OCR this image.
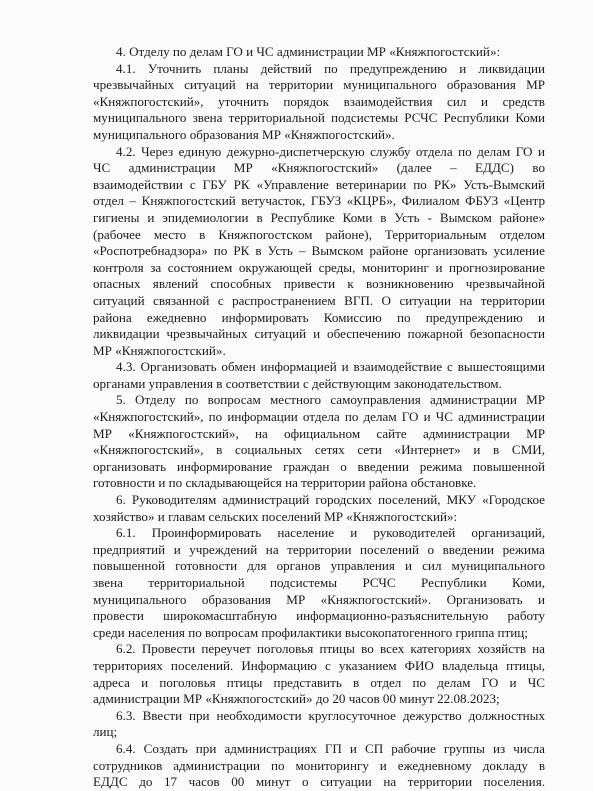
4. Отделу по делам ГО и ЧС администрации МР «Княжпогостский»:
4.1. Уточнить планы действий по предупреждению и ликвидации
чрезвычайных ситуаций на территории муниципального образования МР
«Княжпогостский», уточнить порядок взаимодействия сил и средств
муниципального звена территориальной подсистемы РСЧС Республики Коми
муниципального образования МР «Княжпогостский».
4.2. Через единую дежурно-диспетчерскую службу отдела по делам ГО и
ЧС администрации МР «Княжпогостский» (далее – ЕДДС) во
взаимодействии с ГБУ РК «Управление ветеринарии по РК» Усть-Вымский
отдел – Княжпогостский ветучасток, ГБУЗ «КЦРБ», Филиалом ФБУЗ «Центр
гигиены и эпидемиологии в Республике Коми в Усть - Вымском районе»
(рабочее место в Княжпогостском районе), Территориальным отделом
«Роспотребнадзора» по РК в Усть – Вымском районе организовать усиление
контроля за состоянием окружающей среды, мониторинг и прогнозирование
опасных явлений способных привести к возникновению чрезвычайной
ситуаций связанной с распространением ВГП. О ситуации на территории
района ежедневно информировать Комиссию по предупреждению и
ликвидации чрезвычайных ситуаций и обеспечению пожарной безопасности
МР «Княжпогостский».
4.3. Организовать обмен информацией и взаимодействие с вышестоящими
органами управления в соответствии с действующим законодательством.
5. Отделу по вопросам местного самоуправления администрации МР
«Княжпогостский», по информации отдела по делам ГО и ЧС администрации
МР «Княжпогостский», на официальном сайте администрации МР
«Княжпогостский», в социальных сетях сети «Интернет» и в СМИ,
организовать информирование граждан о введении режима повышенной
готовности и по складывающейся на территории района обстановке.
6. Руководителям администраций городских поселений, МКУ «Городское
хозяйство» и главам сельских поселений МР «Княжпогостский»:
6.1. Проинформировать население и руководителей организаций,
предприятий и учреждений на территории поселений о введении режима
повышенной готовности для органов управления и сил муниципального
звена территориальной подсистемы РСЧС Республики Коми,
муниципального образования МР «Княжпогостский». Организовать и
провести широкомасштабную информационно-разъяснительную работу
среди населения по вопросам профилактики высокопатогенного гриппа птиц;
6.2. Провести переучет поголовья птицы во всех категориях хозяйств на
территориях поселений. Информацию с указанием ФИО владельца птицы,
адреса и поголовья птицы представить в отдел по делам ГО и ЧС
администрации МР «Княжпогостский» до 20 часов 00 минут 22.08.2023;
6.3. Ввести при необходимости круглосуточное дежурство должностных
лиц;
6.4. Создать при администрациях ГП и СП рабочие группы из числа
сотрудников администрации по мониторингу и ежедневному докладу в
ЕДДС до 17 часов 00 минут о ситуации на территории поселения.
